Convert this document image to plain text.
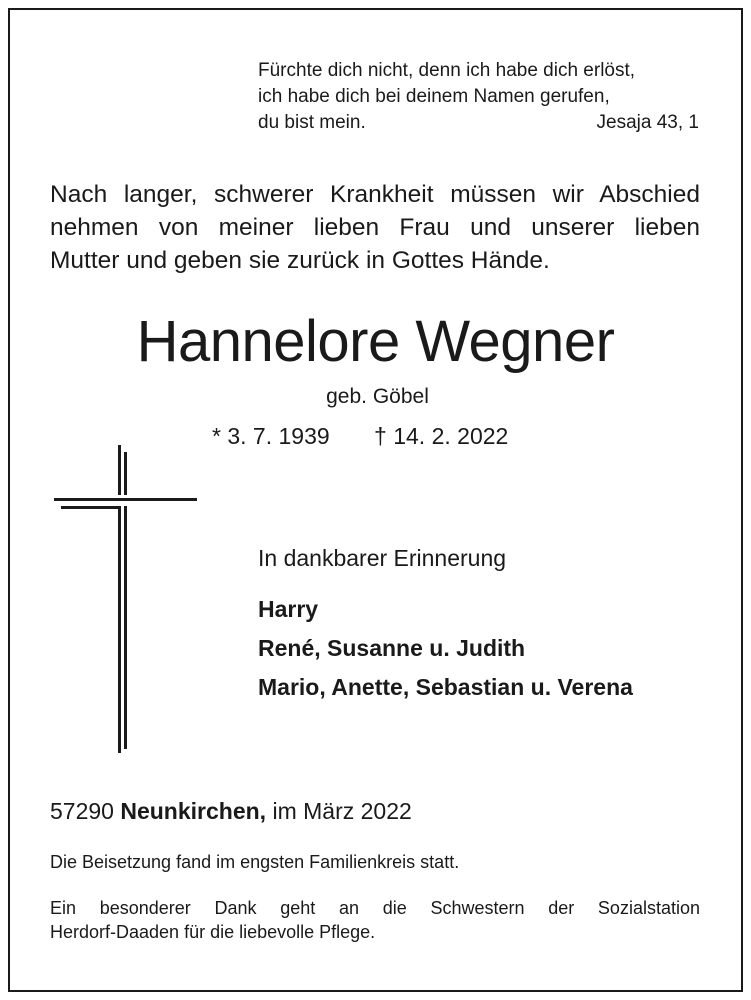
Fürchte dich nicht, denn ich habe dich erlöst,
ich habe dich bei deinem Namen gerufen,
du bist mein.	Jesaja 43, 1
Nach langer, schwerer Krankheit müssen wir Abschied
nehmen von meiner lieben Frau und unserer lieben
Mutter und geben sie zurück in Gottes Hände.
Hannelore Wegner
geb. Göbel
* 3. 7. 1939 † 14. 2. 2022
In dankbarer Erinnerung
Harry
René, Susanne u. Judith
Mario, Anette, Sebastian u. Verena
57290 Neunkirchen, im März 2022
Die Beisetzung fand im engsten Familienkreis statt.
Ein besonderer Dank geht an die Schwestern der Sozialstation
Herdorf-Daaden für die liebevolle Pflege.
